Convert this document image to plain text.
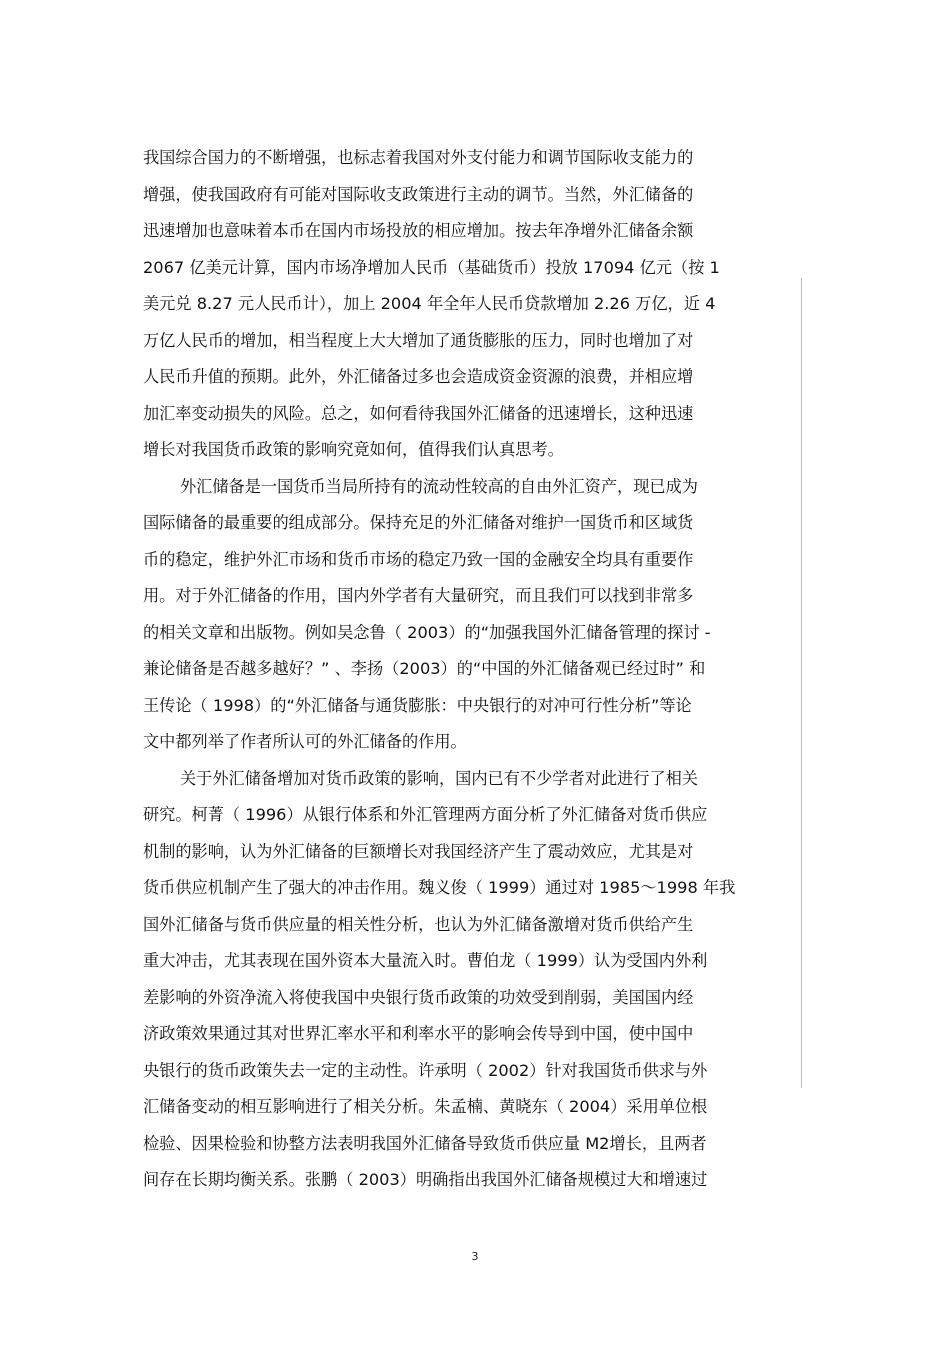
我国综合国力的不断增强，也标志着我国对外支付能力和调节国际收支能力的
增强，使我国政府有可能对国际收支政策进行主动的调节。当然，外汇储备的
迅速增加也意味着本币在国内市场投放的相应增加。按去年净增外汇储备余额
2067 亿美元计算，国内市场净增加人民币（基础货币）投放 17094 亿元（按 1
美元兑 8.27 元人民币计），加上 2004 年全年人民币贷款增加 2.26 万亿，近 4
万亿人民币的增加，相当程度上大大增加了通货膨胀的压力，同时也增加了对
人民币升值的预期。此外，外汇储备过多也会造成资金资源的浪费，并相应增
加汇率变动损失的风险。总之，如何看待我国外汇储备的迅速增长，这种迅速
增长对我国货币政策的影响究竟如何，值得我们认真思考。
外汇储备是一国货币当局所持有的流动性较高的自由外汇资产，现已成为
国际储备的最重要的组成部分。保持充足的外汇储备对维护一国货币和区域货
币的稳定，维护外汇市场和货币市场的稳定乃致一国的金融安全均具有重要作
用。对于外汇储备的作用，国内外学者有大量研究，而且我们可以找到非常多
的相关文章和出版物。例如吴念鲁（ 2003）的“加强我国外汇储备管理的探讨 -
兼论储备是否越多越好？” 、李扬（2003）的“中国的外汇储备观已经过时” 和
王传论（ 1998）的“外汇储备与通货膨胀：中央银行的对冲可行性分析”等论
文中都列举了作者所认可的外汇储备的作用。
关于外汇储备增加对货币政策的影响，国内已有不少学者对此进行了相关
研究。柯菁（ 1996）从银行体系和外汇管理两方面分析了外汇储备对货币供应
机制的影响，认为外汇储备的巨额增长对我国经济产生了震动效应，尤其是对
货币供应机制产生了强大的冲击作用。魏义俊（ 1999）通过对 1985～1998 年我
国外汇储备与货币供应量的相关性分析，也认为外汇储备激增对货币供给产生
重大冲击，尤其表现在国外资本大量流入时。曹伯龙（ 1999）认为受国内外利
差影响的外资净流入将使我国中央银行货币政策的功效受到削弱，美国国内经
济政策效果通过其对世界汇率水平和利率水平的影响会传导到中国，使中国中
央银行的货币政策失去一定的主动性。许承明（ 2002）针对我国货币供求与外
汇储备变动的相互影响进行了相关分析。朱孟楠、黄晓东（ 2004）采用单位根
检验、因果检验和协整方法表明我国外汇储备导致货币供应量 M2增长，且两者
间存在长期均衡关系。张鹏（ 2003）明确指出我国外汇储备规模过大和增速过
3
